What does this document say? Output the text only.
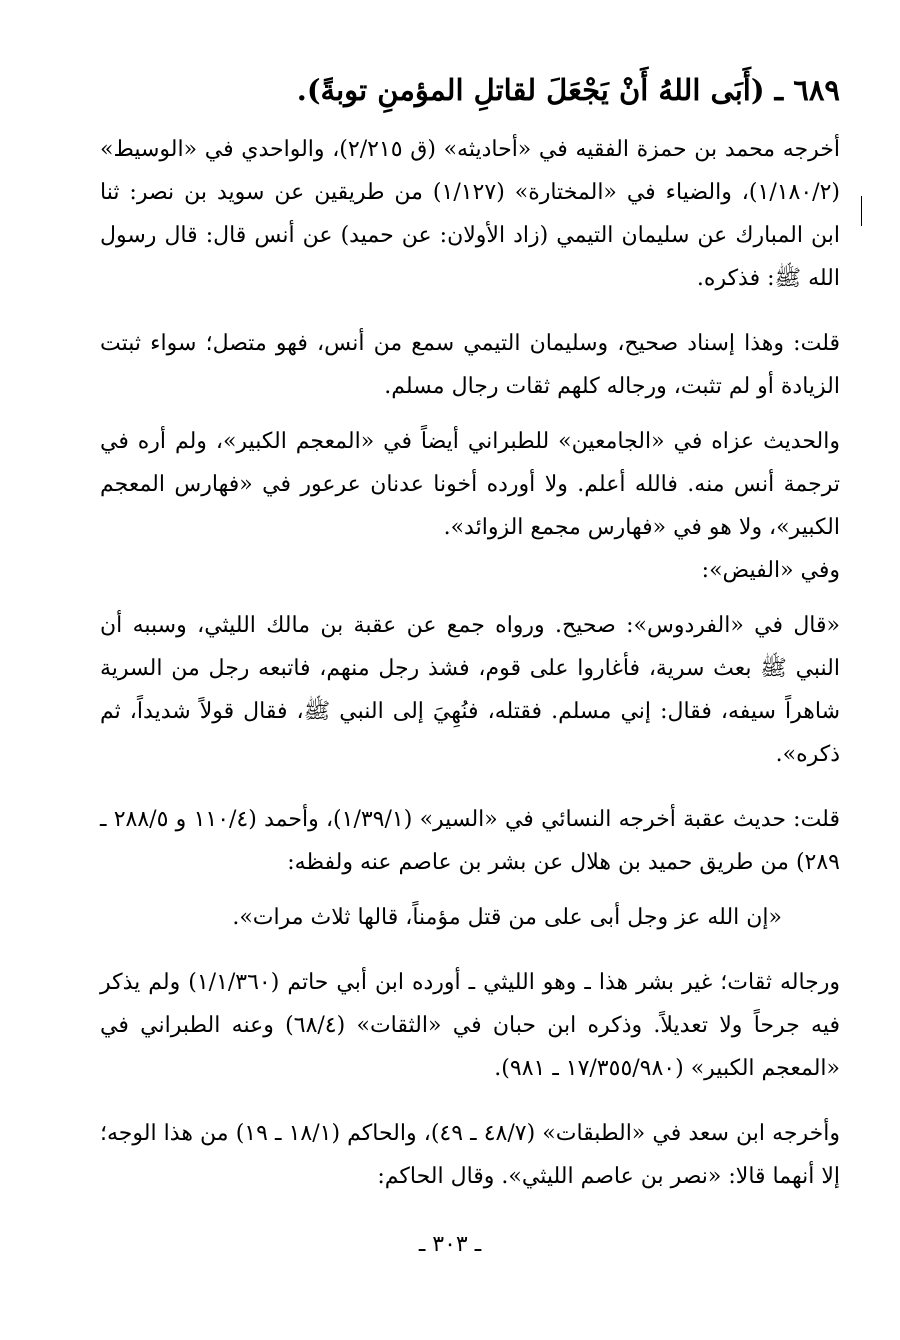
٦٨٩ ـ (أَبَى اللهُ أَنْ يَجْعَلَ لقاتلِ المؤمنِ توبةً).

أخرجه محمد بن حمزة الفقيه في «أحاديثه» (ق ٢/٢١٥)، والواحدي في «الوسيط» (١/١٨٠/٢)، والضياء في «المختارة» (١/١٢٧) من طريقين عن سويد بن نصر: ثنا ابن المبارك عن سليمان التيمي (زاد الأولان: عن حميد) عن أنس قال: قال رسول الله ﷺ: فذكره.

قلت: وهذا إسناد صحيح، وسليمان التيمي سمع من أنس، فهو متصل؛ سواء ثبتت الزيادة أو لم تثبت، ورجاله كلهم ثقات رجال مسلم.

والحديث عزاه في «الجامعين» للطبراني أيضاً في «المعجم الكبير»، ولم أره في ترجمة أنس منه. فالله أعلم. ولا أورده أخونا عدنان عرعور في «فهارس المعجم الكبير»، ولا هو في «فهارس مجمع الزوائد».

وفي «الفيض»:

«قال في «الفردوس»: صحيح. ورواه جمع عن عقبة بن مالك الليثي، وسببه أن النبي ﷺ بعث سرية، فأغاروا على قوم، فشذ رجل منهم، فاتبعه رجل من السرية شاهراً سيفه، فقال: إني مسلم. فقتله، فنُهِيَ إلى النبي ﷺ، فقال قولاً شديداً، ثم ذكره».

قلت: حديث عقبة أخرجه النسائي في «السير» (١/٣٩/١)، وأحمد (١١٠/٤ و ٢٨٨/٥ ـ ٢٨٩) من طريق حميد بن هلال عن بشر بن عاصم عنه ولفظه:

«إن الله عز وجل أبى على من قتل مؤمناً، قالها ثلاث مرات».

ورجاله ثقات؛ غير بشر هذا ـ وهو الليثي ـ أورده ابن أبي حاتم (١/١/٣٦٠) ولم يذكر فيه جرحاً ولا تعديلاً. وذكره ابن حبان في «الثقات» (٦٨/٤) وعنه الطبراني في «المعجم الكبير» (١٧/٣٥٥/٩٨٠ ـ ٩٨١).

وأخرجه ابن سعد في «الطبقات» (٤٨/٧ ـ ٤٩)، والحاكم (١٨/١ ـ ١٩) من هذا الوجه؛ إلا أنهما قالا: «نصر بن عاصم الليثي». وقال الحاكم:

ـ ٣٠٣ ـ
